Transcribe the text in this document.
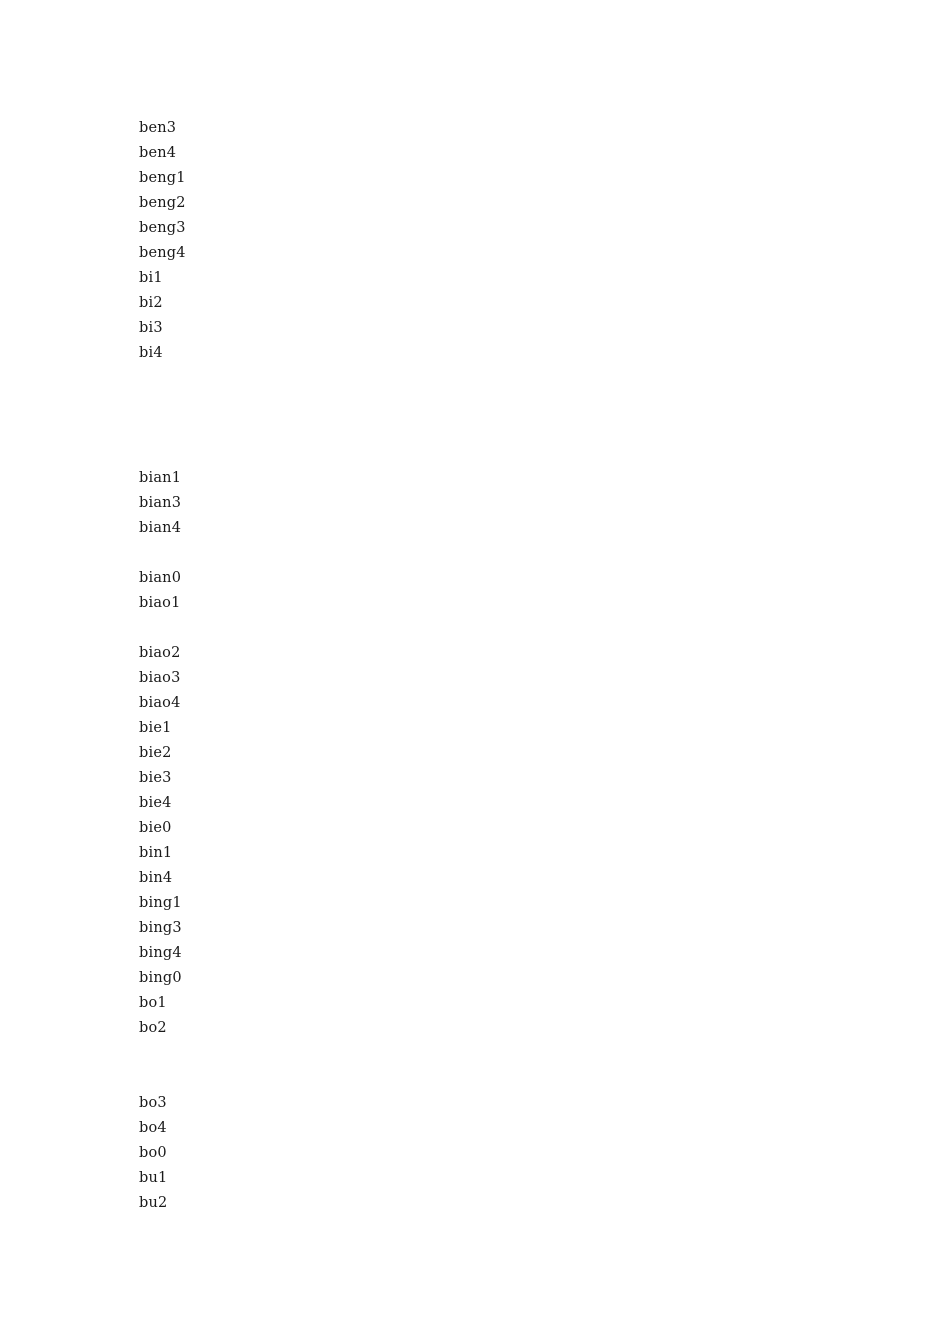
ben3
ben4
beng1
beng2
beng3
beng4
bi1
bi2
bi3
bi4
bian1
bian3
bian4
bian0
biao1
biao2
biao3
biao4
bie1
bie2
bie3
bie4
bie0
bin1
bin4
bing1
bing3
bing4
bing0
bo1
bo2
bo3
bo4
bo0
bu1
bu2
